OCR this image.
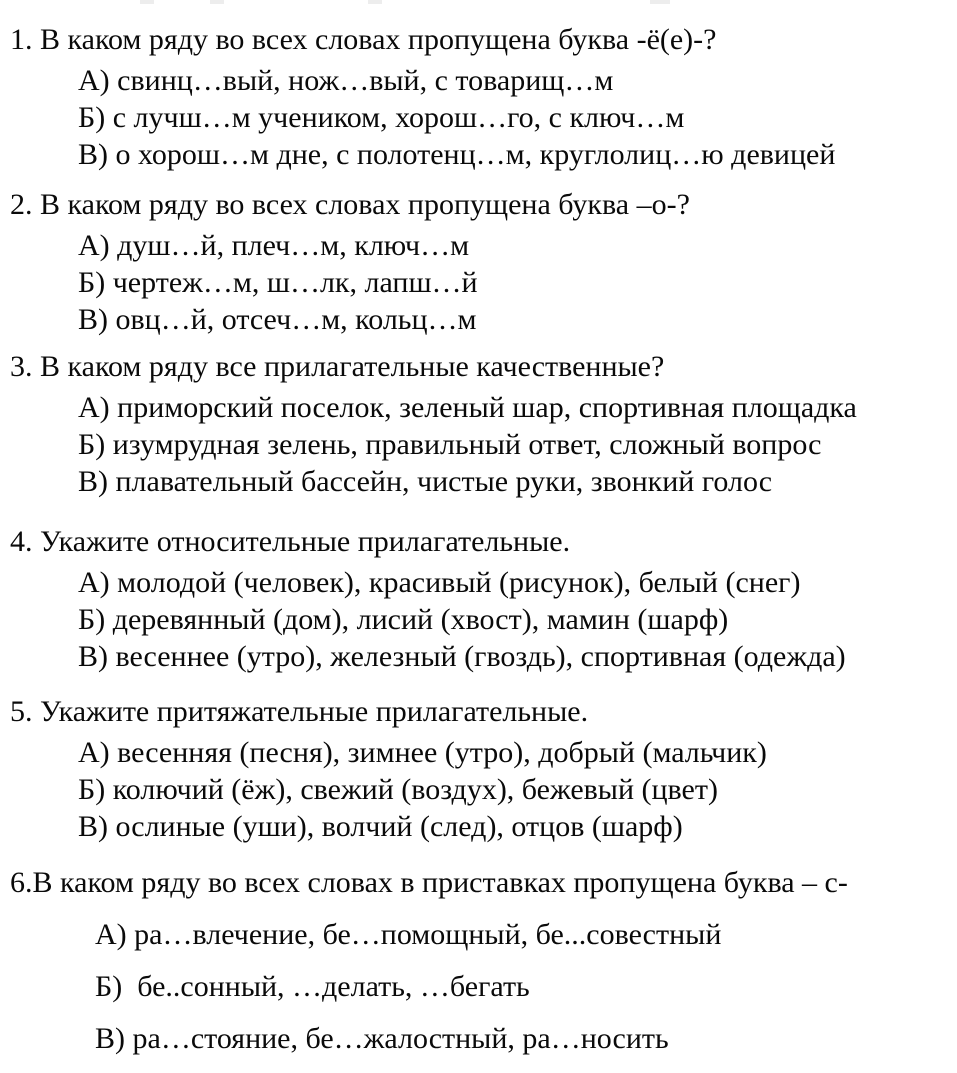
1. В каком ряду во всех словах пропущена буква -ё(е)-?

А) свинц…вый, нож…вый, с товарищ…м

Б) с лучш…м учеником, хорош…го, с ключ…м

В) о хорош…м дне, с полотенц…м, круглолиц…ю девицей

2. В каком ряду во всех словах пропущена буква –о-?

А) душ…й, плеч…м, ключ…м

Б) чертеж…м, ш…лк, лапш…й

В) овц…й, отсеч…м, кольц…м

3. В каком ряду все прилагательные качественные?

А) приморский поселок, зеленый шар, спортивная площадка

Б) изумрудная зелень, правильный ответ, сложный вопрос

В) плавательный бассейн, чистые руки, звонкий голос

4. Укажите относительные прилагательные.

А) молодой (человек), красивый (рисунок), белый (снег)

Б) деревянный (дом), лисий (хвост), мамин (шарф)

В) весеннее (утро), железный (гвоздь), спортивная (одежда)

5. Укажите притяжательные прилагательные.

А) весенняя (песня), зимнее (утро), добрый (мальчик)

Б) колючий (ёж), свежий (воздух), бежевый (цвет)

В) ослиные (уши), волчий (след), отцов (шарф)

6.В каком ряду во всех словах в приставках пропущена буква – с-

А) ра…влечение, бе…помощный, бе...совестный

Б)  бе..сонный, …делать, …бегать

В) ра…стояние, бе…жалостный, ра…носить
